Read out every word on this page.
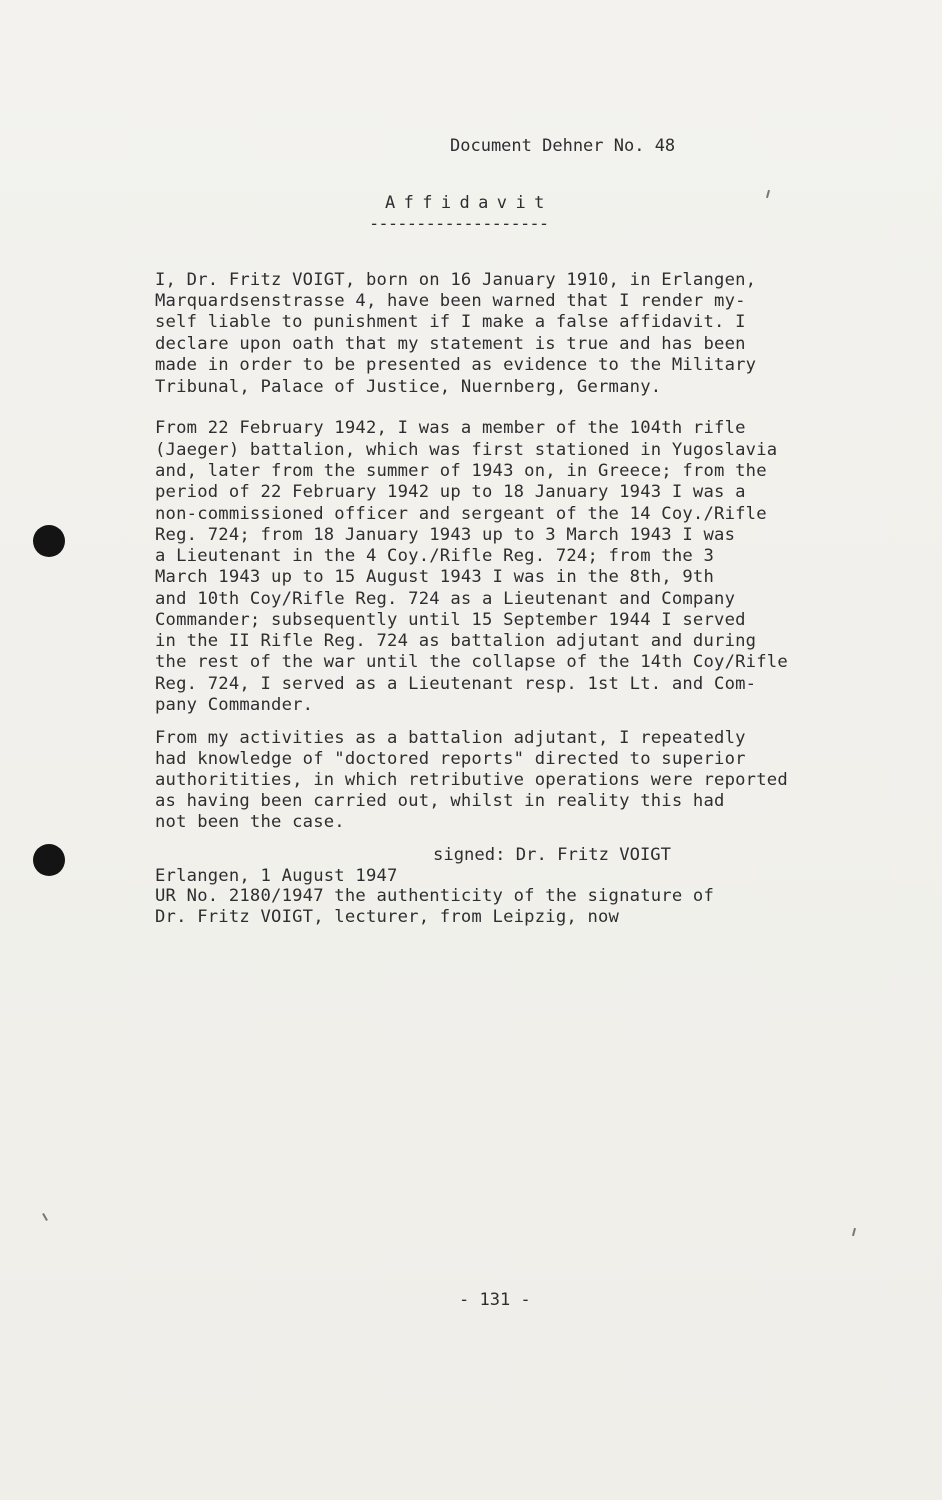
Document Dehner No. 48
Affidavit
-------------------
I, Dr. Fritz VOIGT, born on 16 January 1910, in Erlangen,
Marquardsenstrasse 4, have been warned that I render my-
self liable to punishment if I make a false affidavit. I
declare upon oath that my statement is true and has been
made in order to be presented as evidence to the Military
Tribunal, Palace of Justice, Nuernberg, Germany.
From 22 February 1942, I was a member of the 104th rifle
(Jaeger) battalion, which was first stationed in Yugoslavia
and, later from the summer of 1943 on, in Greece; from the
period of 22 February 1942 up to 18 January 1943 I was a
non-commissioned officer and sergeant of the 14 Coy./Rifle
Reg. 724; from 18 January 1943 up to 3 March 1943 I was
a Lieutenant in the 4 Coy./Rifle Reg. 724; from the 3
March 1943 up to 15 August 1943 I was in the 8th, 9th
and 10th Coy/Rifle Reg. 724 as a Lieutenant and Company
Commander; subsequently until 15 September 1944 I served
in the II Rifle Reg. 724 as battalion adjutant and during
the rest of the war until the collapse of the 14th Coy/Rifle
Reg. 724, I served as a Lieutenant resp. 1st Lt. and Com-
pany Commander.
From my activities as a battalion adjutant, I repeatedly
had knowledge of "doctored reports" directed to superior
authoritities, in which retributive operations were reported
as having been carried out, whilst in reality this had
not been the case.
signed: Dr. Fritz VOIGT
Erlangen, 1 August 1947
UR No. 2180/1947 the authenticity of the signature of
Dr. Fritz VOIGT, lecturer, from Leipzig, now
- 131 -
